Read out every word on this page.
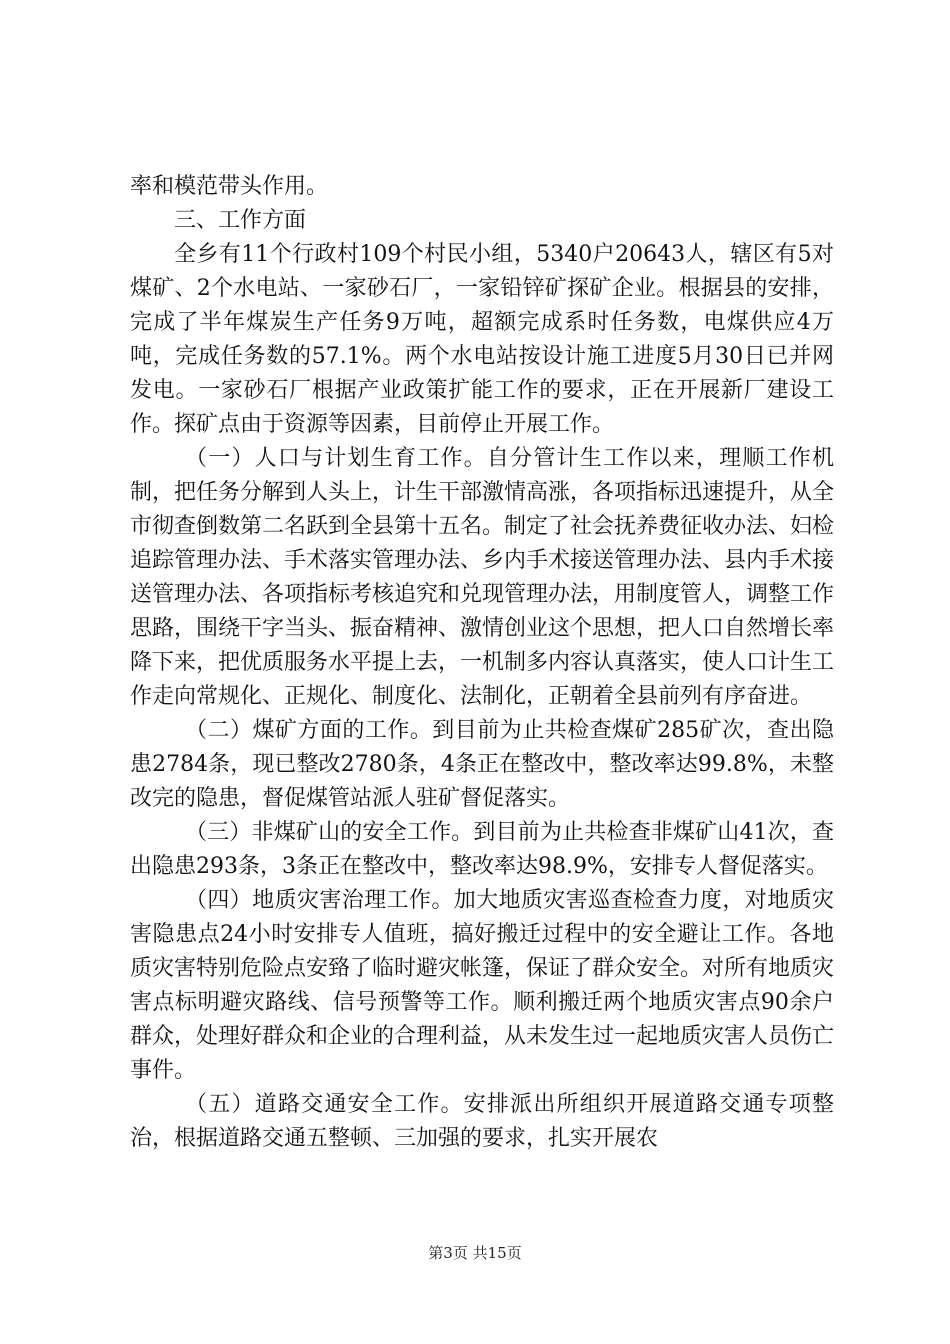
率和模范带头作用。

三、工作方面

全乡有11个行政村109个村民小组，5340户20643人，辖区有5对煤矿、2个水电站、一家砂石厂，一家铅锌矿探矿企业。根据县的安排，完成了半年煤炭生产任务9万吨，超额完成系时任务数，电煤供应4万吨，完成任务数的57.1%。两个水电站按设计施工进度5月30日已并网发电。一家砂石厂根据产业政策扩能工作的要求，正在开展新厂建设工作。探矿点由于资源等因素，目前停止开展工作。

（一）人口与计划生育工作。自分管计生工作以来，理顺工作机制，把任务分解到人头上，计生干部激情高涨，各项指标迅速提升，从全市彻查倒数第二名跃到全县第十五名。制定了社会抚养费征收办法、妇检追踪管理办法、手术落实管理办法、乡内手术接送管理办法、县内手术接送管理办法、各项指标考核追究和兑现管理办法，用制度管人，调整工作思路，围绕干字当头、振奋精神、激情创业这个思想，把人口自然增长率降下来，把优质服务水平提上去，一机制多内容认真落实，使人口计生工作走向常规化、正规化、制度化、法制化，正朝着全县前列有序奋进。

（二）煤矿方面的工作。到目前为止共检查煤矿285矿次，查出隐患2784条，现已整改2780条，4条正在整改中，整改率达99.8%，未整改完的隐患，督促煤管站派人驻矿督促落实。

（三）非煤矿山的安全工作。到目前为止共检查非煤矿山41次，查出隐患293条，3条正在整改中，整改率达98.9%，安排专人督促落实。

（四）地质灾害治理工作。加大地质灾害巡查检查力度，对地质灾害隐患点24小时安排专人值班，搞好搬迁过程中的安全避让工作。各地质灾害特别危险点安臵了临时避灾帐篷，保证了群众安全。对所有地质灾害点标明避灾路线、信号预警等工作。顺利搬迁两个地质灾害点90余户群众，处理好群众和企业的合理利益，从未发生过一起地质灾害人员伤亡事件。

（五）道路交通安全工作。安排派出所组织开展道路交通专项整治，根据道路交通五整顿、三加强的要求，扎实开展农

第3页 共15页
